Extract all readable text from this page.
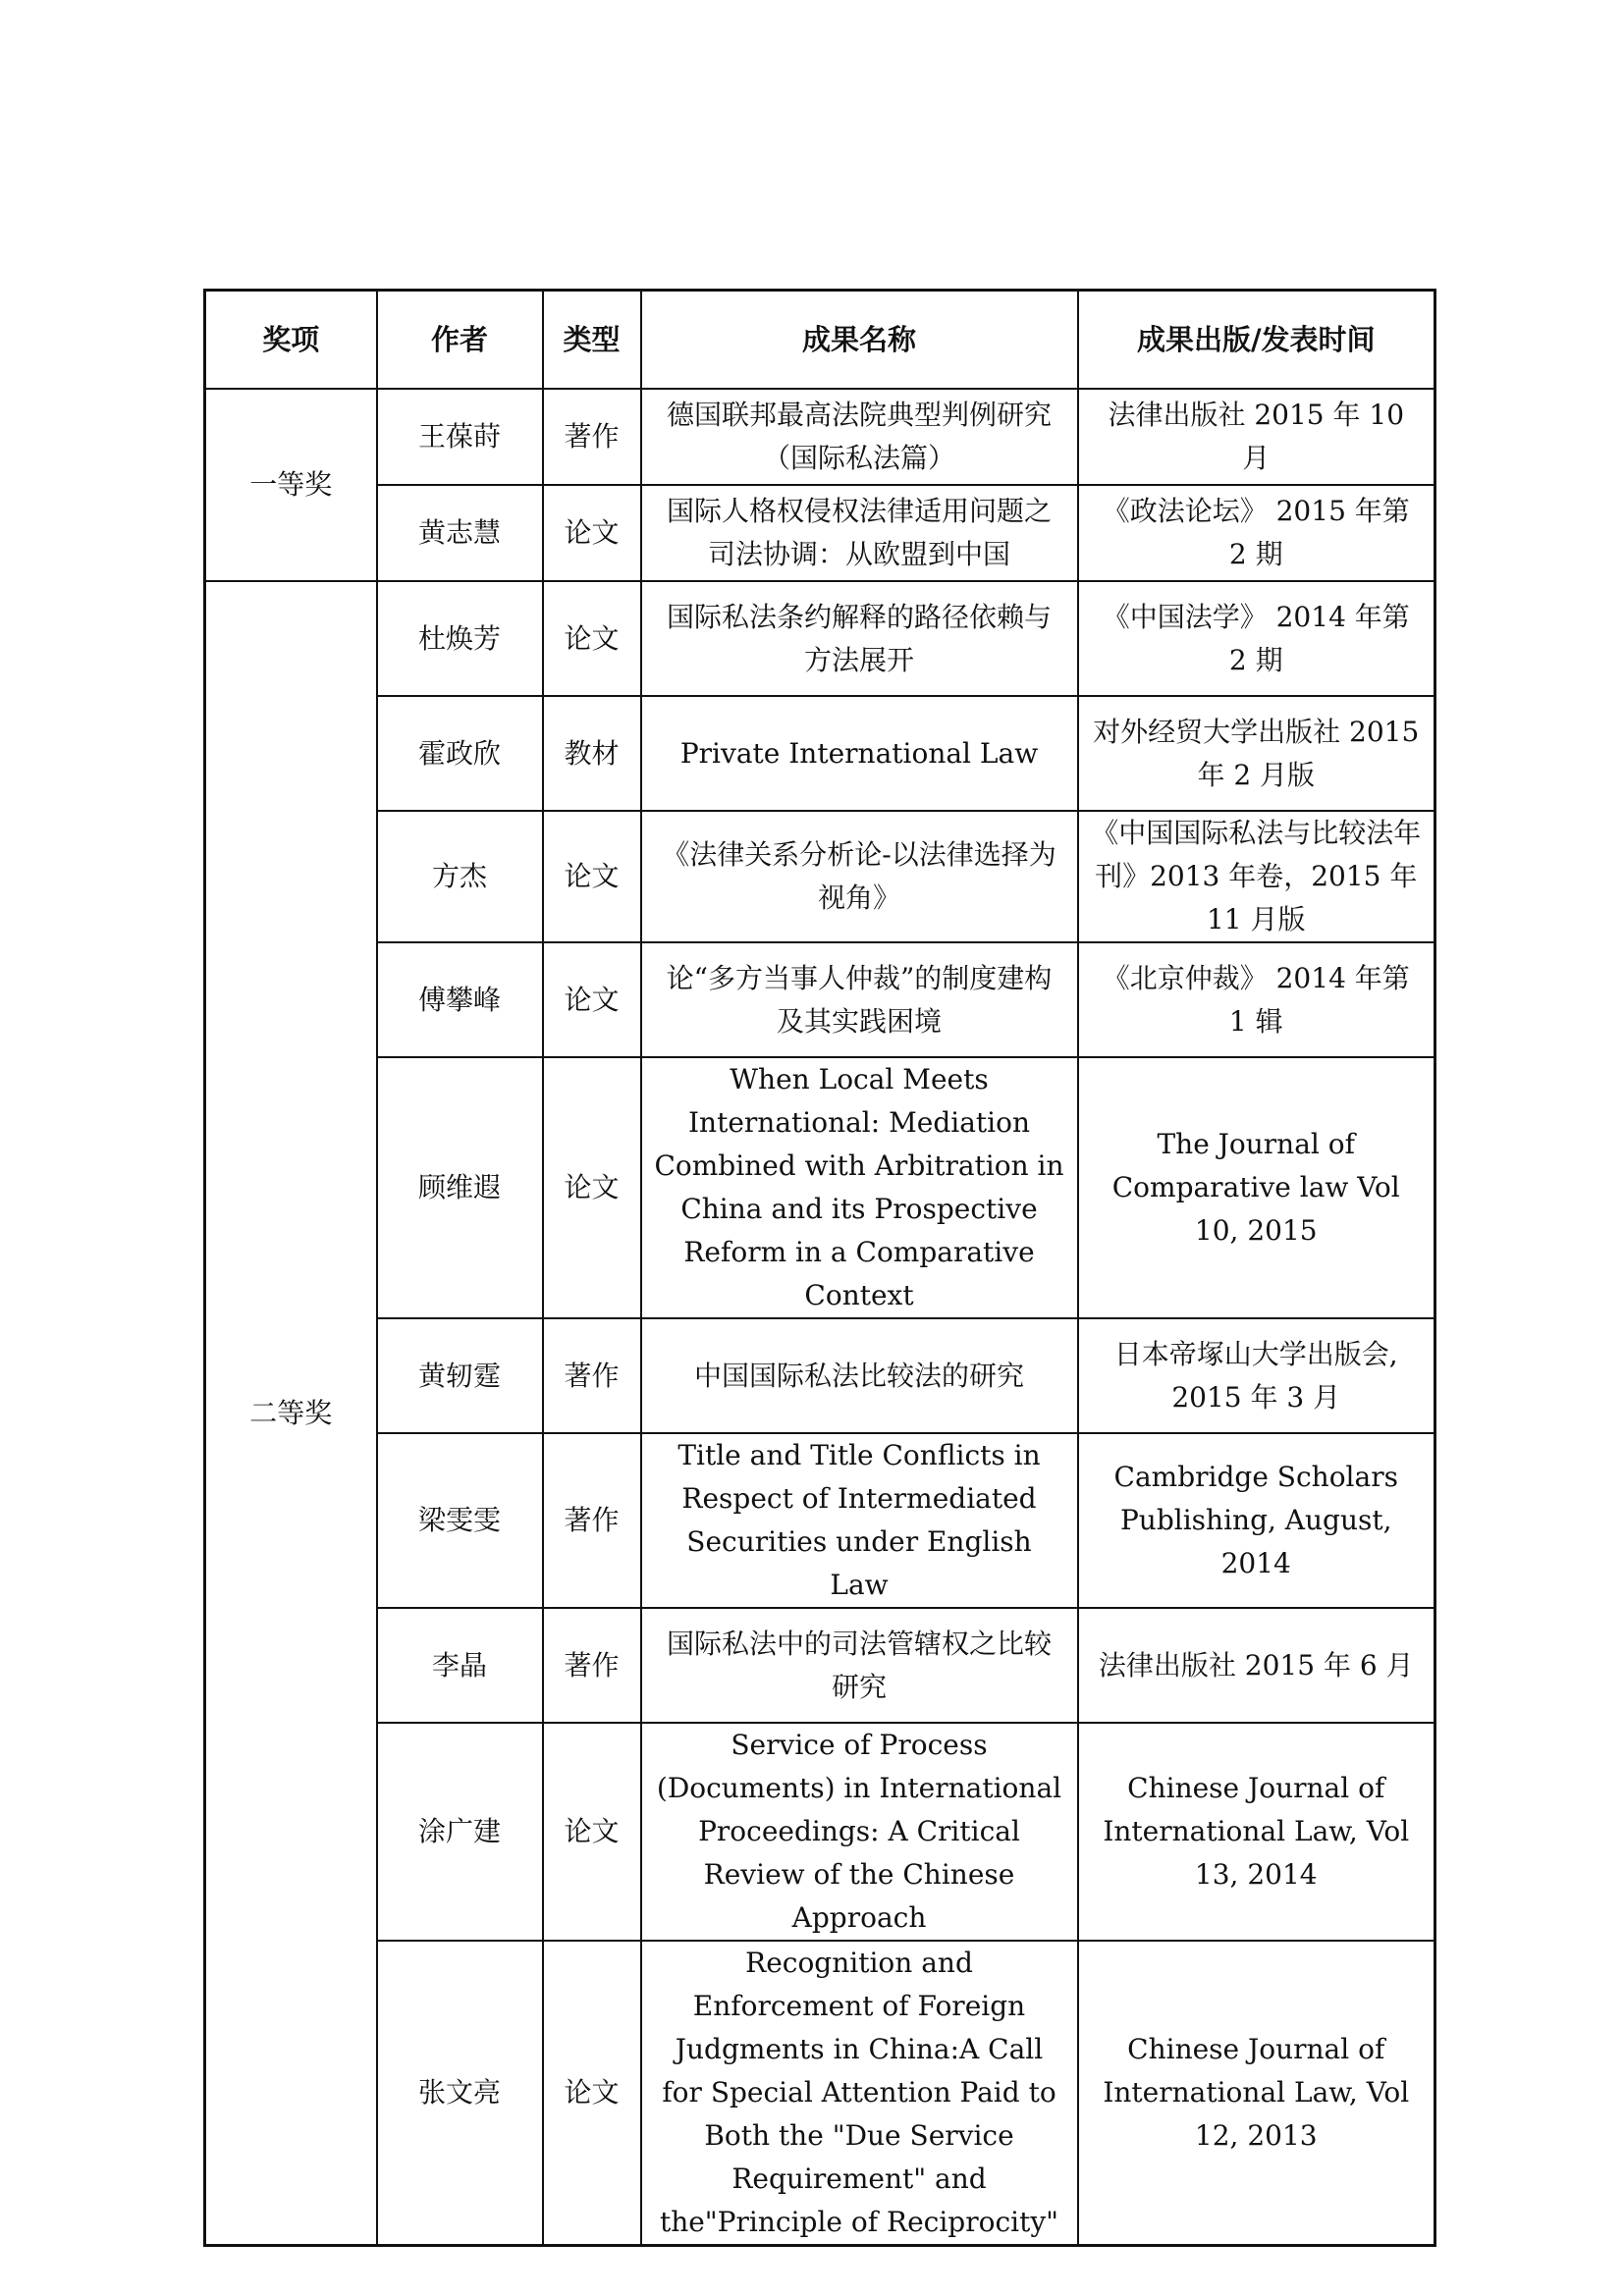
奖项	作者	类型	成果名称	成果出版/发表时间
一等奖	王葆莳	著作	德国联邦最高法院典型判例研究（国际私法篇）	法律出版社 2015 年 10 月
	黄志慧	论文	国际人格权侵权法律适用问题之司法协调：从欧盟到中国	《政法论坛》 2015 年第 2 期
二等奖	杜焕芳	论文	国际私法条约解释的路径依赖与方法展开	《中国法学》 2014 年第 2 期
	霍政欣	教材	Private International Law	对外经贸大学出版社 2015 年 2 月版
	方杰	论文	《法律关系分析论-以法律选择为视角》	《中国国际私法与比较法年刊》2013 年卷，2015 年 11 月版
	傅攀峰	论文	论“多方当事人仲裁”的制度建构及其实践困境	《北京仲裁》 2014 年第 1 辑
	顾维遐	论文	When Local Meets International: Mediation Combined with Arbitration in China and its Prospective Reform in a Comparative Context	The Journal of Comparative law Vol 10, 2015
	黄轫霆	著作	中国国际私法比较法的研究	日本帝塚山大学出版会, 2015 年 3 月
	梁雯雯	著作	Title and Title Conflicts in Respect of Intermediated Securities under English Law	Cambridge Scholars Publishing, August, 2014
	李晶	著作	国际私法中的司法管辖权之比较研究	法律出版社 2015 年 6 月
	涂广建	论文	Service of Process (Documents) in International Proceedings: A Critical Review of the Chinese Approach	Chinese Journal of International Law, Vol 13, 2014
	张文亮	论文	Recognition and Enforcement of Foreign Judgments in China:A Call for Special Attention Paid to Both the "Due Service Requirement" and the"Principle of Reciprocity"	Chinese Journal of International Law, Vol 12, 2013
